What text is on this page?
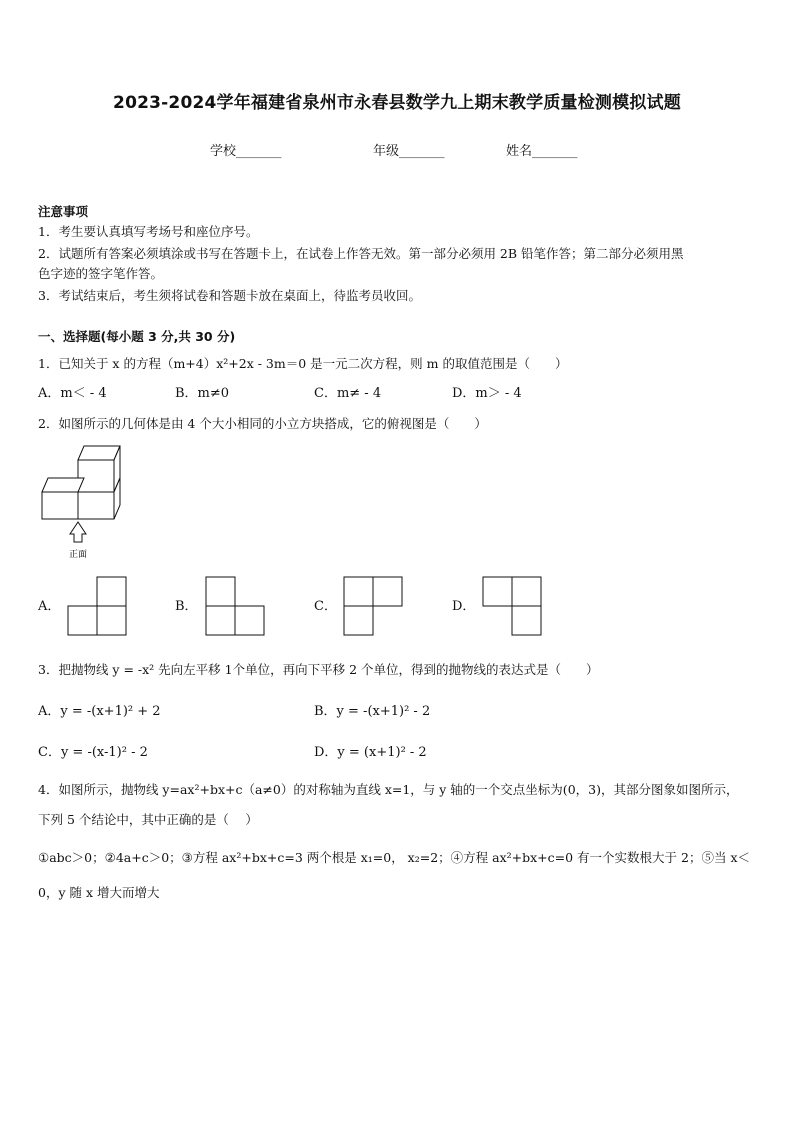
2023-2024学年福建省泉州市永春县数学九上期末教学质量检测模拟试题
学校_______	年级_______	姓名_______
注意事项
1．考生要认真填写考场号和座位序号。
2．试题所有答案必须填涂或书写在答题卡上，在试卷上作答无效。第一部分必须用 2B 铅笔作答；第二部分必须用黑
色字迹的签字笔作答。
3．考试结束后，考生须将试卷和答题卡放在桌面上，待监考员收回。
一、选择题(每小题 3 分,共 30 分)
1．已知关于 x 的方程（m+4）x²+2x - 3m＝0 是一元二次方程，则 m 的取值范围是（　　）
A．m＜ - 4	B．m≠0	C．m≠ - 4	D．m＞ - 4
2．如图所示的几何体是由 4 个大小相同的小立方块搭成，它的俯视图是（　　）
正面
A．	B．	C．	D．
3．把抛物线 y = -x² 先向左平移 1个单位，再向下平移 2 个单位，得到的抛物线的表达式是（　　）
A．y = -(x+1)² + 2	B．y = -(x+1)² - 2
C．y = -(x-1)² - 2	D．y = (x+1)² - 2
4．如图所示，抛物线 y=ax²+bx+c（a≠0）的对称轴为直线 x=1，与 y 轴的一个交点坐标为(0，3)，其部分图象如图所示，
下列 5 个结论中，其中正确的是（　 ）
①abc＞0；②4a+c＞0；③方程 ax²+bx+c=3 两个根是 x₁=0， x₂=2；④方程 ax²+bx+c=0 有一个实数根大于 2；⑤当 x＜
0，y 随 x 增大而增大
